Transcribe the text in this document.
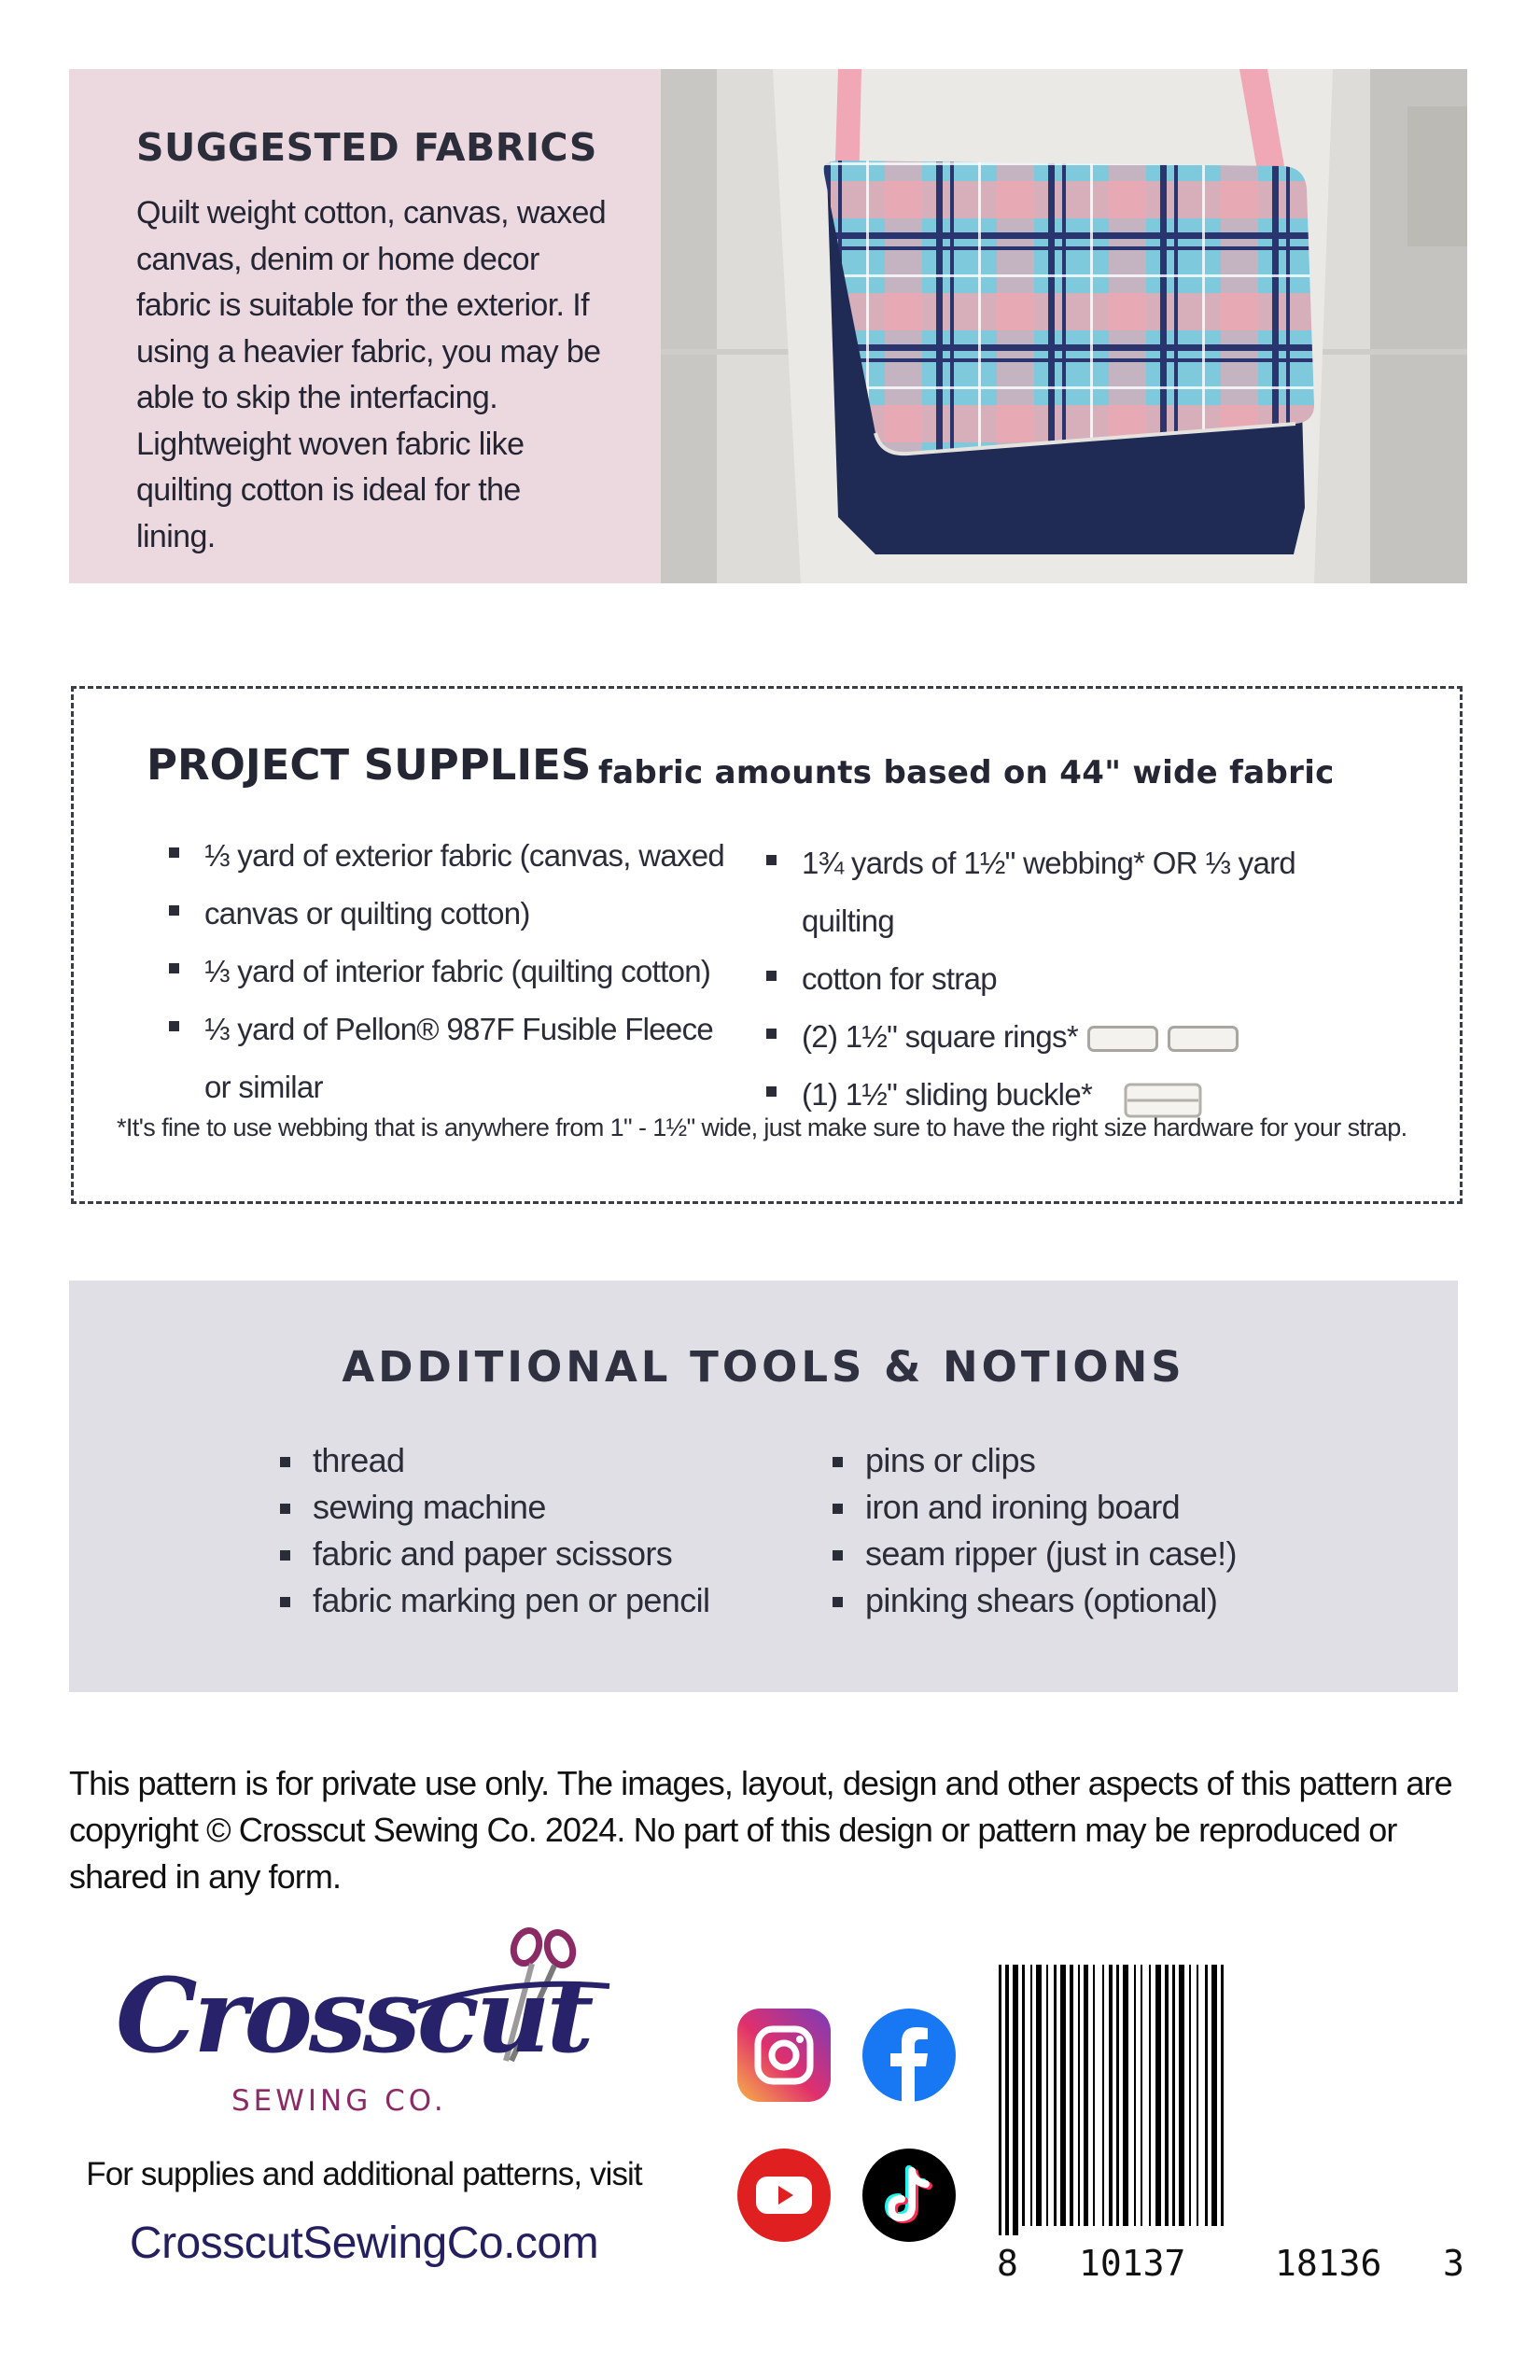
SUGGESTED FABRICS

Quilt weight cotton, canvas, waxed canvas, denim or home decor fabric is suitable for the exterior. If using a heavier fabric, you may be able to skip the interfacing. Lightweight woven fabric like quilting cotton is ideal for the lining.

PROJECT SUPPLIES fabric amounts based on 44" wide fabric
⅓ yard of exterior fabric (canvas, waxed
canvas or quilting cotton)
⅓ yard of interior fabric (quilting cotton)
⅓ yard of Pellon® 987F Fusible Fleece or similar
1¾ yards of 1½" webbing* OR ⅓ yard quilting
cotton for strap
(2) 1½" square rings*
(1) 1½" sliding buckle*
*It's fine to use webbing that is anywhere from 1" - 1½" wide, just make sure to have the right size hardware for your strap.
ADDITIONAL TOOLS & NOTIONS
thread
sewing machine
fabric and paper scissors
fabric marking pen or pencil
pins or clips
iron and ironing board
seam ripper (just in case!)
pinking shears (optional)

This pattern is for private use only. The images, layout, design and other aspects of this pattern are copyright © Crosscut Sewing Co. 2024. No part of this design or pattern may be reproduced or shared in any form.

Crosscut
SEWING CO.
For supplies and additional patterns, visit
CrosscutSewingCo.com	8 10137	18136 3
